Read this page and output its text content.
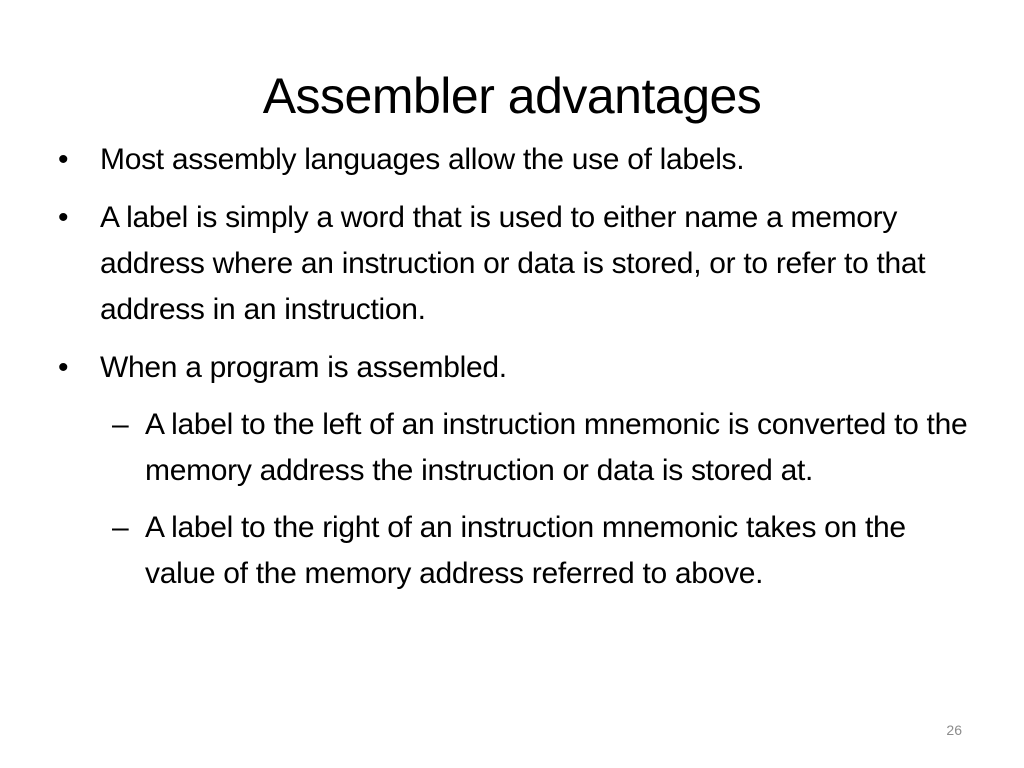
Assembler advantages
• Most assembly languages allow the use of labels.
• A label is simply a word that is used to either name a memory address where an instruction or data is stored, or to refer to that address in an instruction.
• When a program is assembled.
– A label to the left of an instruction mnemonic is converted to the memory address the instruction or data is stored at.
– A label to the right of an instruction mnemonic takes on the value of the memory address referred to above.
26
